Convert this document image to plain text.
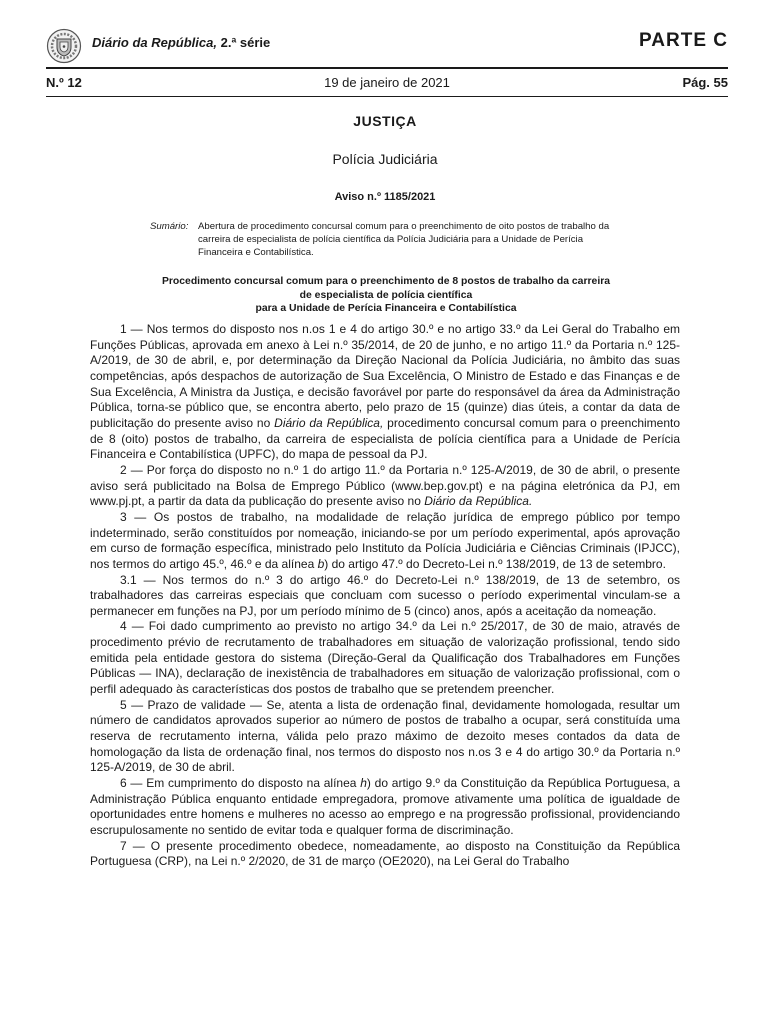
Diário da República, 2.ª série	PARTE C
N.º 12	19 de janeiro de 2021	Pág. 55
JUSTIÇA
Polícia Judiciária
Aviso n.º 1185/2021
Sumário: Abertura de procedimento concursal comum para o preenchimento de oito postos de trabalho da carreira de especialista de polícia científica da Polícia Judiciária para a Unidade de Perícia Financeira e Contabilística.
Procedimento concursal comum para o preenchimento de 8 postos de trabalho da carreira
de especialista de polícia científica
para a Unidade de Perícia Financeira e Contabilística

1 — Nos termos do disposto nos n.os 1 e 4 do artigo 30.º e no artigo 33.º da Lei Geral do Trabalho em Funções Públicas, aprovada em anexo à Lei n.º 35/2014, de 20 de junho, e no artigo 11.º da Portaria n.º 125-A/2019, de 30 de abril, e, por determinação da Direção Nacional da Polícia Judiciária, no âmbito das suas competências, após despachos de autorização de Sua Excelência, O Ministro de Estado e das Finanças e de Sua Excelência, A Ministra da Justiça, e decisão favorável por parte do responsável da área da Administração Pública, torna-se público que, se encontra aberto, pelo prazo de 15 (quinze) dias úteis, a contar da data de publicitação do presente aviso no Diário da República, procedimento concursal comum para o preenchimento de 8 (oito) postos de trabalho, da carreira de especialista de polícia científica para a Unidade de Perícia Financeira e Contabilística (UPFC), do mapa de pessoal da PJ.

2 — Por força do disposto no n.º 1 do artigo 11.º da Portaria n.º 125-A/2019, de 30 de abril, o presente aviso será publicitado na Bolsa de Emprego Público (www.bep.gov.pt) e na página eletrónica da PJ, em www.pj.pt, a partir da data da publicação do presente aviso no Diário da República.

3 — Os postos de trabalho, na modalidade de relação jurídica de emprego público por tempo indeterminado, serão constituídos por nomeação, iniciando-se por um período experimental, após aprovação em curso de formação específica, ministrado pelo Instituto da Polícia Judiciária e Ciências Criminais (IPJCC), nos termos do artigo 45.º, 46.º e da alínea b) do artigo 47.º do Decreto-Lei n.º 138/2019, de 13 de setembro.

3.1 — Nos termos do n.º 3 do artigo 46.º do Decreto-Lei n.º 138/2019, de 13 de setembro, os trabalhadores das carreiras especiais que concluam com sucesso o período experimental vinculam-se a permanecer em funções na PJ, por um período mínimo de 5 (cinco) anos, após a aceitação da nomeação.

4 — Foi dado cumprimento ao previsto no artigo 34.º da Lei n.º 25/2017, de 30 de maio, através de procedimento prévio de recrutamento de trabalhadores em situação de valorização profissional, tendo sido emitida pela entidade gestora do sistema (Direção-Geral da Qualificação dos Trabalhadores em Funções Públicas — INA), declaração de inexistência de trabalhadores em situação de valorização profissional, com o perfil adequado às características dos postos de trabalho que se pretendem preencher.

5 — Prazo de validade — Se, atenta a lista de ordenação final, devidamente homologada, resultar um número de candidatos aprovados superior ao número de postos de trabalho a ocupar, será constituída uma reserva de recrutamento interna, válida pelo prazo máximo de dezoito meses contados da data de homologação da lista de ordenação final, nos termos do disposto nos n.os 3 e 4 do artigo 30.º da Portaria n.º 125-A/2019, de 30 de abril.

6 — Em cumprimento do disposto na alínea h) do artigo 9.º da Constituição da República Portuguesa, a Administração Pública enquanto entidade empregadora, promove ativamente uma política de igualdade de oportunidades entre homens e mulheres no acesso ao emprego e na progressão profissional, providenciando escrupulosamente no sentido de evitar toda e qualquer forma de discriminação.

7 — O presente procedimento obedece, nomeadamente, ao disposto na Constituição da República Portuguesa (CRP), na Lei n.º 2/2020, de 31 de março (OE2020), na Lei Geral do Trabalho
